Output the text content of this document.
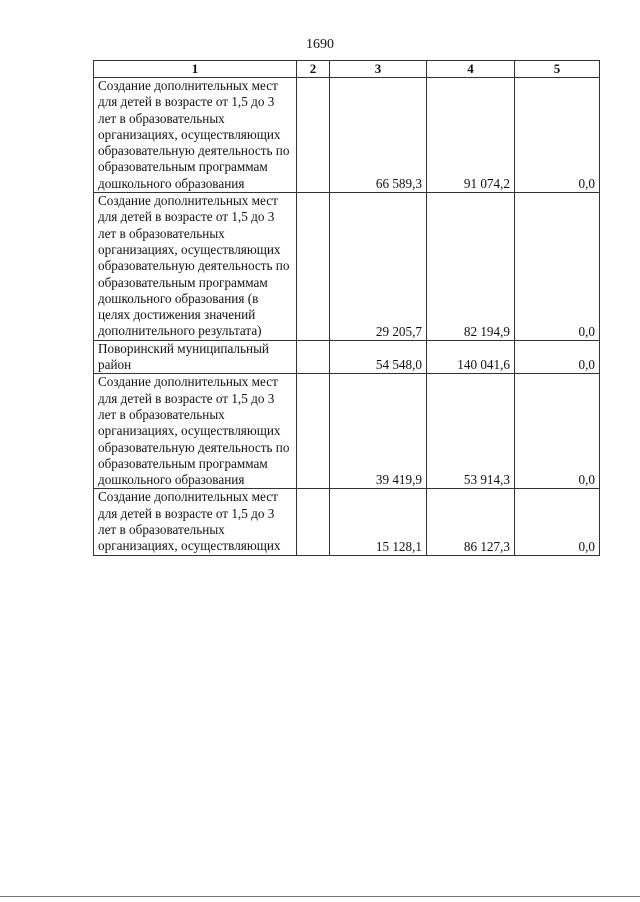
1690
1	2	3	4	5
Создание дополнительных мест для детей в возрасте от 1,5 до 3 лет в образовательных организациях, осуществляющих образовательную деятельность по образовательным программам дошкольного образования		66 589,3	91 074,2	0,0
Создание дополнительных мест для детей в возрасте от 1,5 до 3 лет в образовательных организациях, осуществляющих образовательную деятельность по образовательным программам дошкольного образования (в целях достижения значений дополнительного результата)		29 205,7	82 194,9	0,0
Поворинский муниципальный район		54 548,0	140 041,6	0,0
Создание дополнительных мест для детей в возрасте от 1,5 до 3 лет в образовательных организациях, осуществляющих образовательную деятельность по образовательным программам дошкольного образования		39 419,9	53 914,3	0,0
Создание дополнительных мест для детей в возрасте от 1,5 до 3 лет в образовательных организациях, осуществляющих		15 128,1	86 127,3	0,0
